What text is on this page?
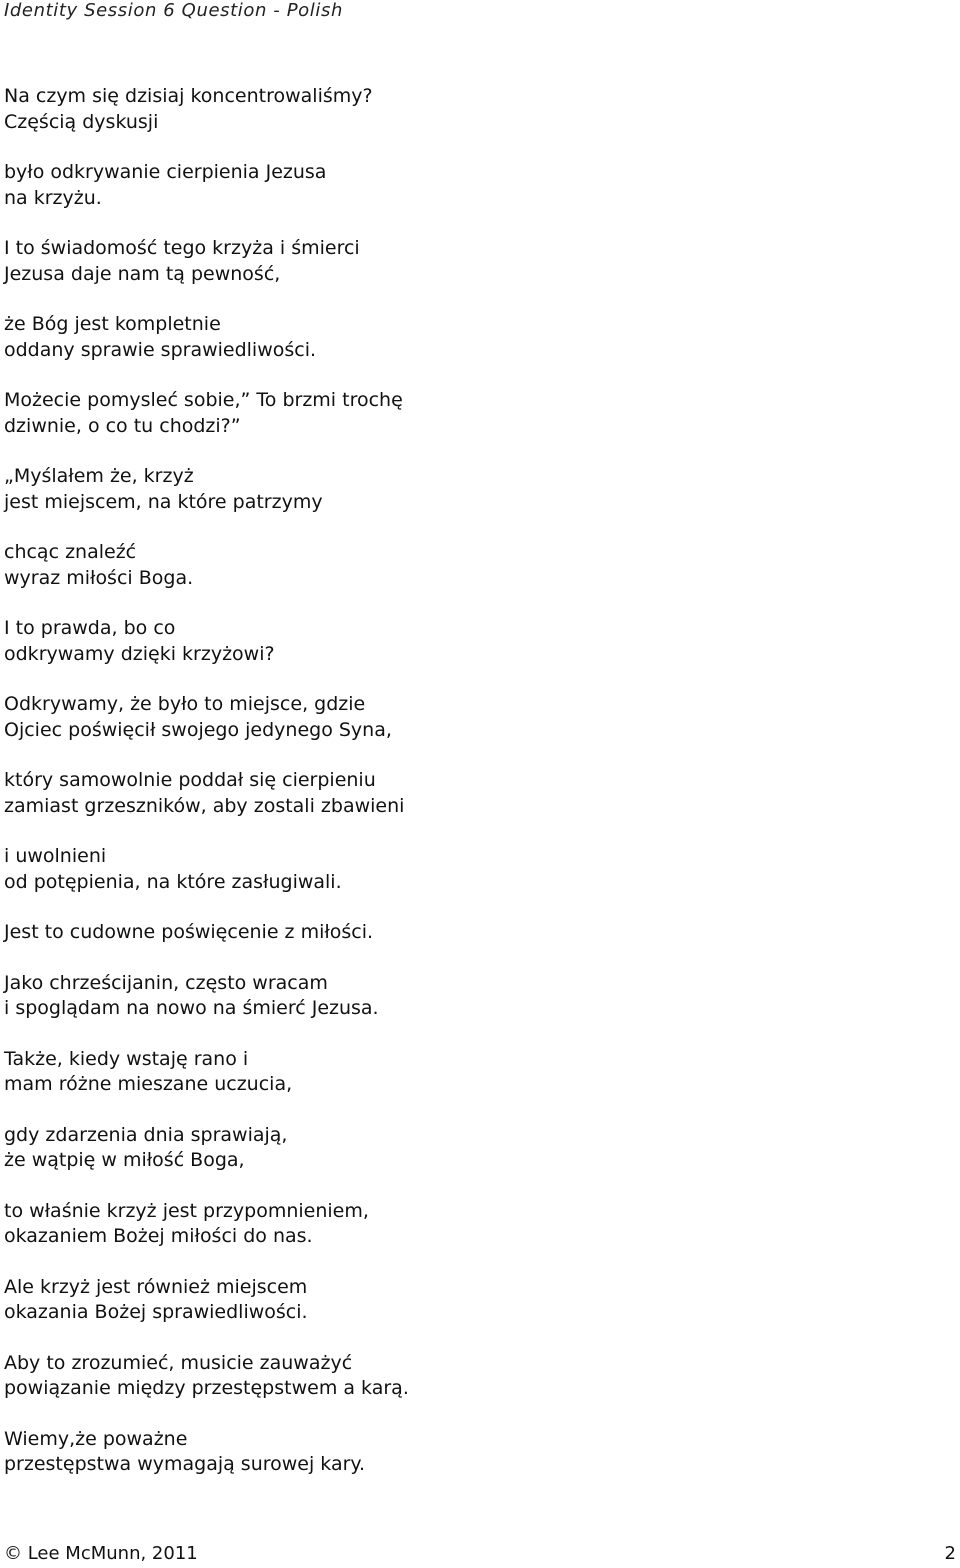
Identity Session 6 Question - Polish

Na czym się dzisiaj koncentrowaliśmy?
Częścią dyskusji

było odkrywanie cierpienia Jezusa
na krzyżu.

I to świadomość tego krzyża i śmierci
Jezusa daje nam tą pewność,

że Bóg jest kompletnie
oddany sprawie sprawiedliwości.

Możecie pomysleć sobie,” To brzmi trochę
dziwnie, o co tu chodzi?”

„Myślałem że, krzyż
jest miejscem, na które patrzymy

chcąc znaleźć
wyraz miłości Boga.

I to prawda, bo co
odkrywamy dzięki krzyżowi?

Odkrywamy, że było to miejsce, gdzie
Ojciec poświęcił swojego jedynego Syna,

który samowolnie poddał się cierpieniu
zamiast grzeszników, aby zostali zbawieni

i uwolnieni
od potępienia, na które zasługiwali.

Jest to cudowne poświęcenie z miłości.

Jako chrześcijanin, często wracam
i spoglądam na nowo na śmierć Jezusa.

Także, kiedy wstaję rano i
mam różne mieszane uczucia,

gdy zdarzenia dnia sprawiają,
że wątpię w miłość Boga,

to właśnie krzyż jest przypomnieniem,
okazaniem Bożej miłości do nas.

Ale krzyż jest również miejscem
okazania Bożej sprawiedliwości.

Aby to zrozumieć, musicie zauważyć
powiązanie między przestępstwem a karą.

Wiemy,że poważne
przestępstwa wymagają surowej kary.

© Lee McMunn, 2011	2
